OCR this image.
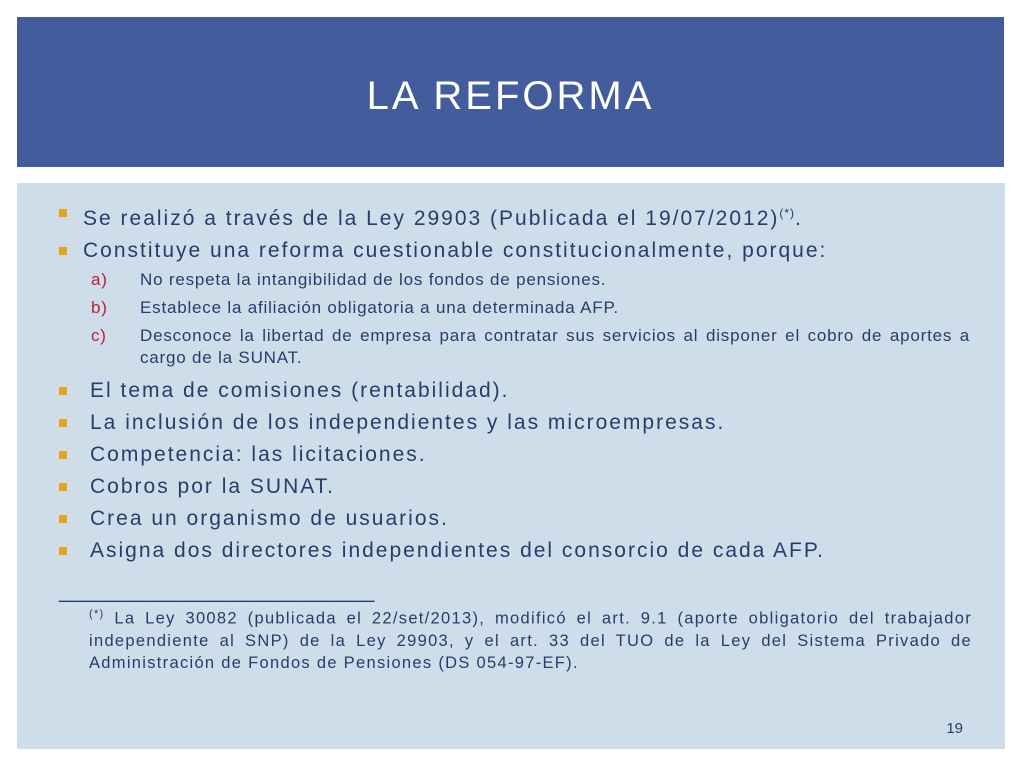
LA REFORMA
Se realizó a través de la Ley 29903 (Publicada el 19/07/2012)(*).
Constituye una reforma cuestionable constitucionalmente, porque:
a) No respeta la intangibilidad de los fondos de pensiones.
b) Establece la afiliación obligatoria a una determinada AFP.
c) Desconoce la libertad de empresa para contratar sus servicios al disponer el cobro de aportes a cargo de la SUNAT.
El tema de comisiones (rentabilidad).
La inclusión de los independientes y las microempresas.
Competencia: las licitaciones.
Cobros por la SUNAT.
Crea un organismo de usuarios.
Asigna dos directores independientes del consorcio de cada AFP.
___________________________
(*) La Ley 30082 (publicada el 22/set/2013), modificó el art. 9.1 (aporte obligatorio del trabajador independiente al SNP) de la Ley 29903, y el art. 33 del TUO de la Ley del Sistema Privado de Administración de Fondos de Pensiones (DS 054-97-EF).
19
